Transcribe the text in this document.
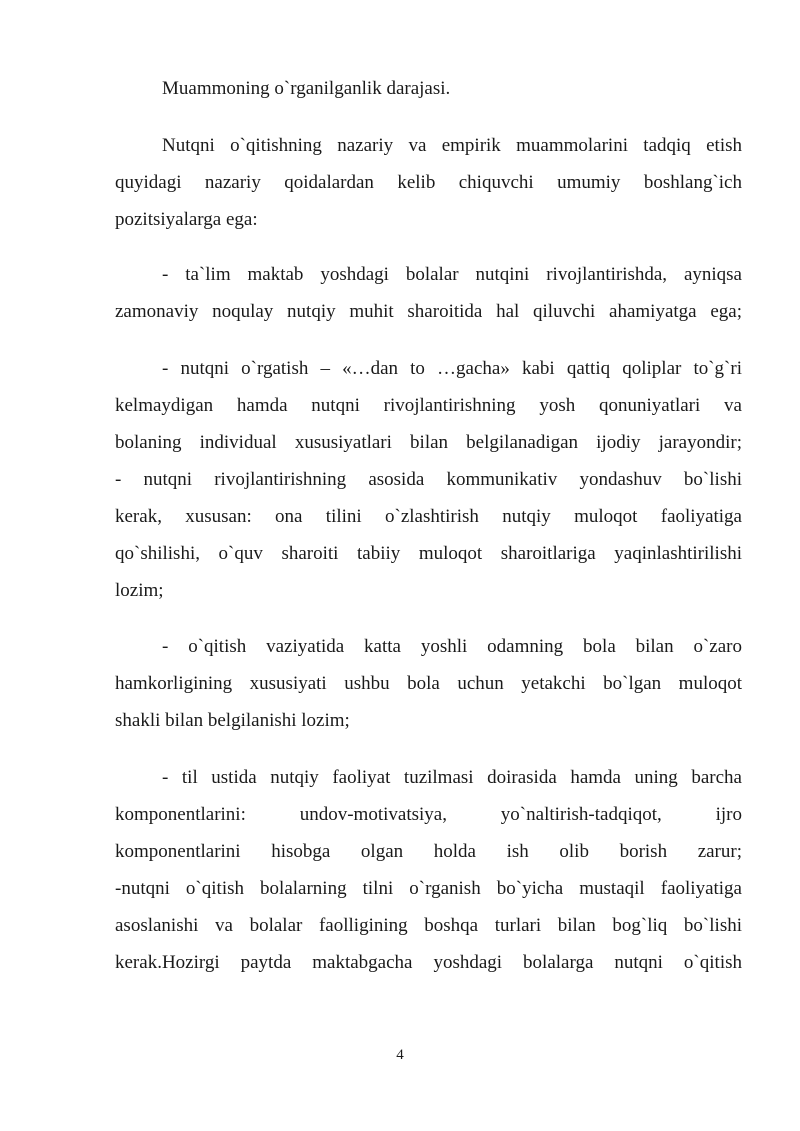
Muammoning o`rganilganlik darajasi.
Nutqni o`qitishning nazariy va empirik muammolarini tadqiq etish
quyidagi nazariy qoidalardan kelib chiquvchi umumiy boshlang`ich
pozitsiyalarga ega:
- ta`lim maktab yoshdagi bolalar nutqini rivojlantirishda, ayniqsa
zamonaviy noqulay nutqiy muhit sharoitida hal qiluvchi ahamiyatga ega;
- nutqni o`rgatish – «…dan to …gacha» kabi qattiq qoliplar to`g`ri
kelmaydigan hamda nutqni rivojlantirishning yosh qonuniyatlari va
bolaning individual xususiyatlari bilan belgilanadigan ijodiy jarayondir;
- nutqni rivojlantirishning asosida kommunikativ yondashuv bo`lishi
kerak, xususan: ona tilini o`zlashtirish nutqiy muloqot faoliyatiga
qo`shilishi, o`quv sharoiti tabiiy muloqot sharoitlariga yaqinlashtirilishi
lozim;
- o`qitish vaziyatida katta yoshli odamning bola bilan o`zaro
hamkorligining xususiyati ushbu bola uchun yetakchi bo`lgan muloqot
shakli bilan belgilanishi lozim;
- til ustida nutqiy faoliyat tuzilmasi doirasida hamda uning barcha
komponentlarini: undov-motivatsiya, yo`naltirish-tadqiqot, ijro
komponentlarini hisobga olgan holda ish olib borish zarur;
-nutqni o`qitish bolalarning tilni o`rganish bo`yicha mustaqil faoliyatiga
asoslanishi va bolalar faolligining boshqa turlari bilan bog`liq bo`lishi
kerak.Hozirgi paytda maktabgacha yoshdagi bolalarga nutqni o`qitish
4
